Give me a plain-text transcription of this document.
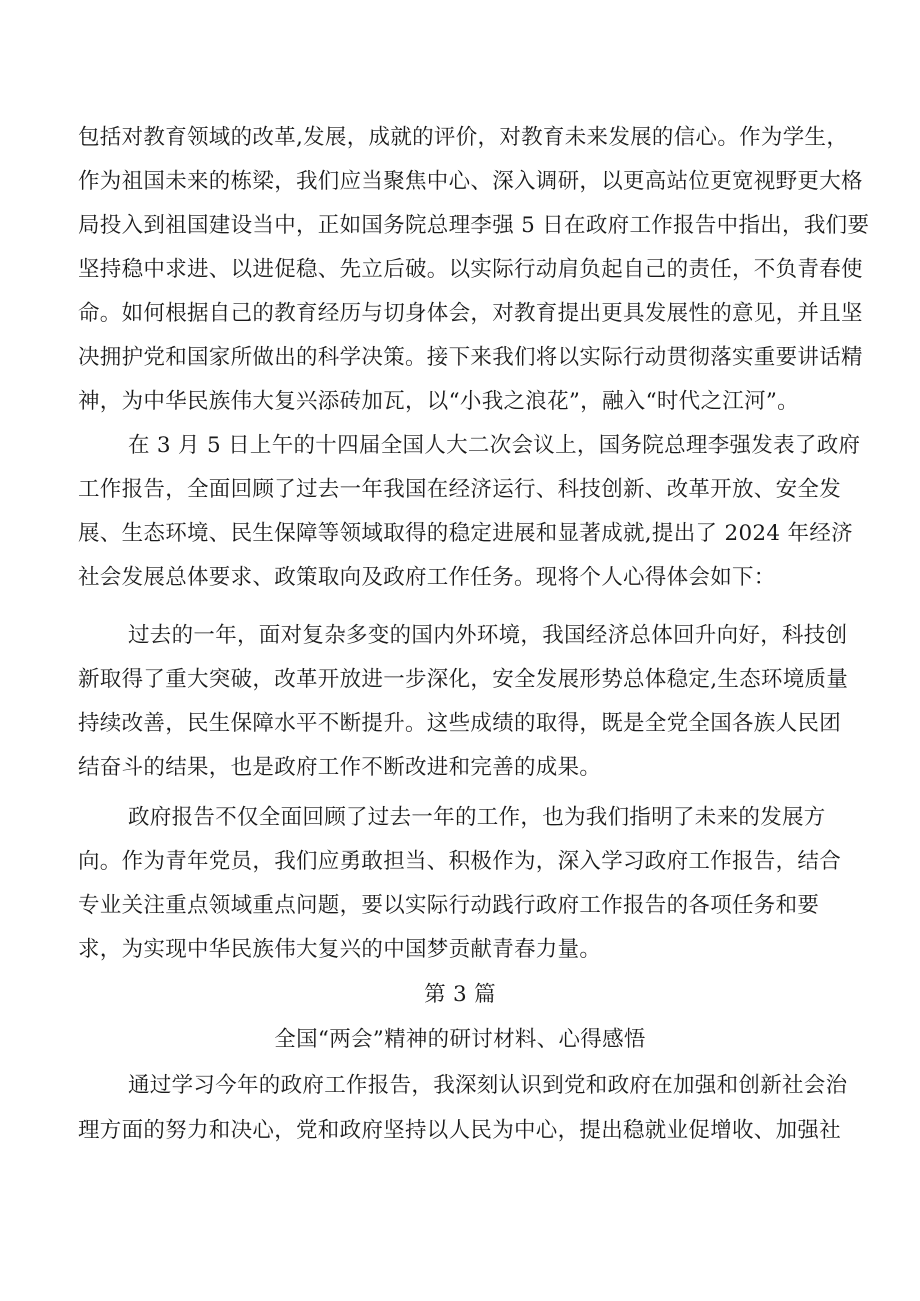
包括对教育领域的改革,发展，成就的评价，对教育未来发展的信心。作为学生，
作为祖国未来的栋梁，我们应当聚焦中心、深入调研，以更高站位更宽视野更大格
局投入到祖国建设当中，正如国务院总理李强 5 日在政府工作报告中指出，我们要
坚持稳中求进、以进促稳、先立后破。以实际行动肩负起自己的责任，不负青春使
命。如何根据自己的教育经历与切身体会，对教育提出更具发展性的意见，并且坚
决拥护党和国家所做出的科学决策。接下来我们将以实际行动贯彻落实重要讲话精
神，为中华民族伟大复兴添砖加瓦，以“小我之浪花”，融入“时代之江河”。
在 3 月 5 日上午的十四届全国人大二次会议上，国务院总理李强发表了政府
工作报告，全面回顾了过去一年我国在经济运行、科技创新、改革开放、安全发
展、生态环境、民生保障等领域取得的稳定进展和显著成就,提出了 2024 年经济
社会发展总体要求、政策取向及政府工作任务。现将个人心得体会如下：
过去的一年，面对复杂多变的国内外环境，我国经济总体回升向好，科技创
新取得了重大突破，改革开放进一步深化，安全发展形势总体稳定,生态环境质量
持续改善，民生保障水平不断提升。这些成绩的取得，既是全党全国各族人民团
结奋斗的结果，也是政府工作不断改进和完善的成果。
政府报告不仅全面回顾了过去一年的工作，也为我们指明了未来的发展方
向。作为青年党员，我们应勇敢担当、积极作为，深入学习政府工作报告，结合
专业关注重点领域重点问题，要以实际行动践行政府工作报告的各项任务和要
求，为实现中华民族伟大复兴的中国梦贡献青春力量。
第 3 篇
全国“两会”精神的研讨材料、心得感悟
通过学习今年的政府工作报告，我深刻认识到党和政府在加强和创新社会治
理方面的努力和决心，党和政府坚持以人民为中心，提出稳就业促增收、加强社
